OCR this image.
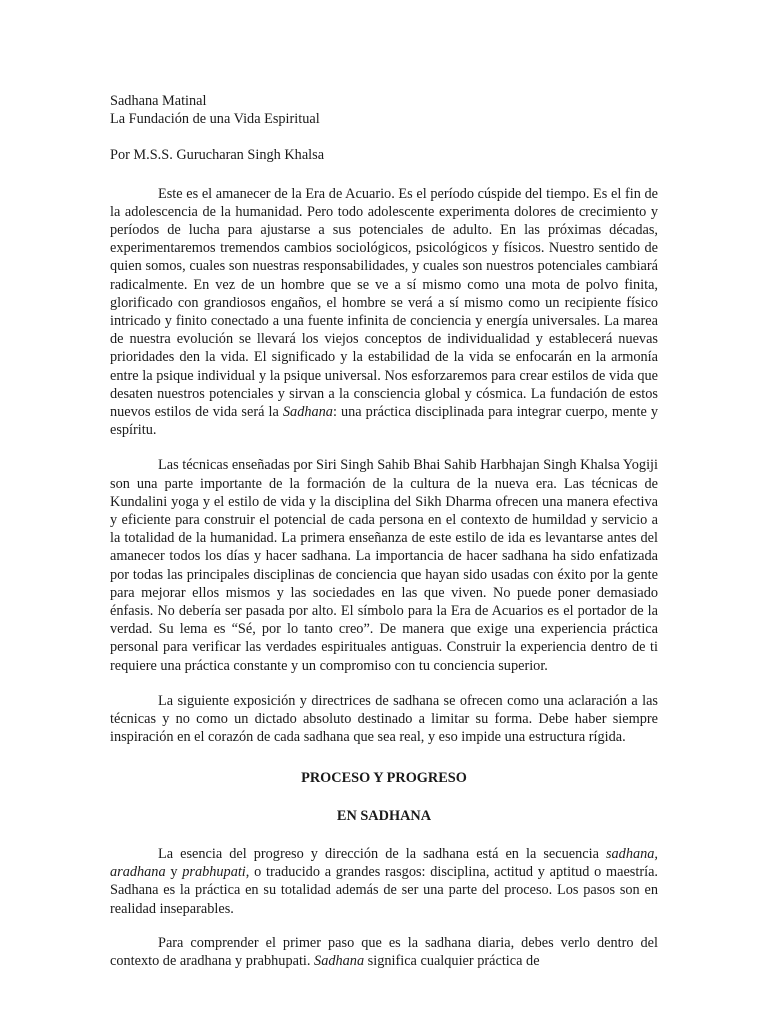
Sadhana Matinal

La Fundación de una Vida Espiritual

Por M.S.S. Gurucharan Singh Khalsa

Este es el amanecer de la Era de Acuario. Es el período cúspide del tiempo. Es el fin de la adolescencia de la humanidad. Pero todo adolescente experimenta dolores de crecimiento y períodos de lucha para ajustarse a sus potenciales de adulto. En las próximas décadas, experimentaremos tremendos cambios sociológicos, psicológicos y físicos. Nuestro sentido de quien somos, cuales son nuestras responsabilidades, y cuales son nuestros potenciales cambiará radicalmente. En vez de un hombre que se ve a sí mismo como una mota de polvo finita, glorificado con grandiosos engaños, el hombre se verá a sí mismo como un recipiente físico intricado y finito conectado a una fuente infinita de conciencia y energía universales. La marea de nuestra evolución se llevará los viejos conceptos de individualidad y establecerá nuevas prioridades den la vida. El significado y la estabilidad de la vida se enfocarán en la armonía entre la psique individual y la psique universal. Nos esforzaremos para crear estilos de vida que desaten nuestros potenciales y sirvan a la consciencia global y cósmica. La fundación de estos nuevos estilos de vida será la Sadhana: una práctica disciplinada para integrar cuerpo, mente y espíritu.

Las técnicas enseñadas por Siri Singh Sahib Bhai Sahib Harbhajan Singh Khalsa Yogiji son una parte importante de la formación de la cultura de la nueva era. Las técnicas de Kundalini yoga y el estilo de vida y la disciplina del Sikh Dharma ofrecen una manera efectiva y eficiente para construir el potencial de cada persona en el contexto de humildad y servicio a la totalidad de la humanidad. La primera enseñanza de este estilo de ida es levantarse antes del amanecer todos los días y hacer sadhana. La importancia de hacer sadhana ha sido enfatizada por todas las principales disciplinas de conciencia que hayan sido usadas con éxito por la gente para mejorar ellos mismos y las sociedades en las que viven. No puede poner demasiado énfasis. No debería ser pasada por alto. El símbolo para la Era de Acuarios es el portador de la verdad. Su lema es “Sé, por lo tanto creo”. De manera que exige una experiencia práctica personal para verificar las verdades espirituales antiguas. Construir la experiencia dentro de ti requiere una práctica constante y un compromiso con tu conciencia superior.

La siguiente exposición y directrices de sadhana se ofrecen como una aclaración a las técnicas y no como un dictado absoluto destinado a limitar su forma. Debe haber siempre inspiración en el corazón de cada sadhana que sea real, y eso impide una estructura rígida.

PROCESO Y PROGRESO

EN SADHANA

La esencia del progreso y dirección de la sadhana está en la secuencia sadhana, aradhana y prabhupati, o traducido a grandes rasgos: disciplina, actitud y aptitud o maestría. Sadhana es la práctica en su totalidad además de ser una parte del proceso. Los pasos son en realidad inseparables.

Para comprender el primer paso que es la sadhana diaria, debes verlo dentro del contexto de aradhana y prabhupati. Sadhana significa cualquier práctica de
